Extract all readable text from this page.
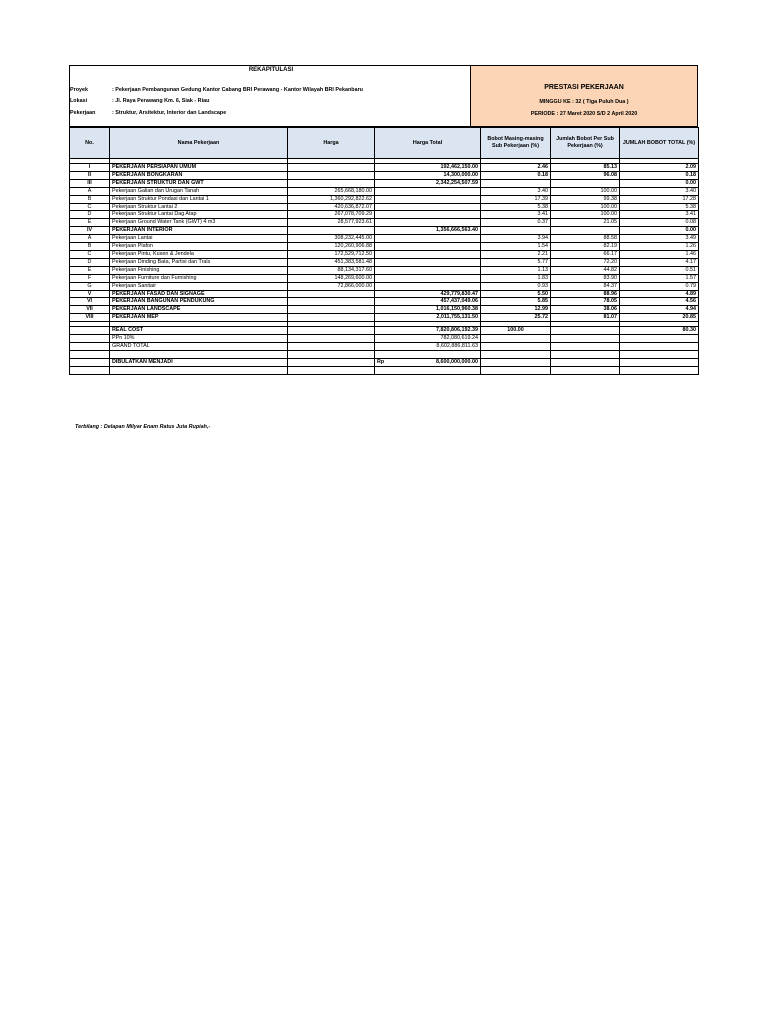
REKAPITULASI
Proyek	: Pekerjaan Pembangunan Gedung Kantor Cabang BRI Perawang - Kantor Wilayah BRI Pekanbaru
Lokasi	: Jl. Raya Perawang Km. 6, Siak - Riau
Pekerjaan	: Struktur, Arsitektur, Interior dan Landscape
PRESTASI PEKERJAAN
MINGGU KE : 32 ( Tiga Puluh Dua )
PERIODE : 27 Maret 2020 S/D 2 April 2020
No.	Nama Pekerjaan	Harga	Harga Total	Bobot Masing-masing Sub Pekerjaan (%)	Jumlah Bobot Per Sub Pekerjaan (%)	JUMLAH BOBOT TOTAL (%)

I	PEKERJAAN PERSIAPAN UMUM		192,462,150.00	2.46	85.13	2.09
II	PEKERJAAN BONGKARAN		14,300,000.00	0.18	96.08	0.18
III	PEKERJAAN STRUKTUR DAN GWT		2,342,254,507.59			0.00
A	Pekerjaan Galian dan Urugan Tanah	265,668,180.00		3.40	100.00	3.40
B	Pekerjaan Struktur Pondasi dan Lantai 1	1,360,292,822.62		17.39	99.38	17.28
C	Pekerjaan Struktur Lantai 2	420,636,872.07		5.38	100.00	5.38
D	Pekerjaan Struktur Lantai Dag Atap	267,078,709.29		3.41	100.00	3.41
E	Pekerjaan Ground Water Tank (GWT) 4 m3	28,577,923.61		0.37	21.05	0.08
IV	PEKERJAAN INTERIOR		1,356,666,563.40			0.00
A	Pekerjaan Lantai	308,232,445.00		3.94	88.58	3.49
B	Pekerjaan Plafon	120,260,906.88		1.54	82.19	1.26
C	Pekerjaan Pintu, Kusen & Jendela	172,529,712.50		2.21	66.17	1.46
D	Pekerjaan Dinding Bata, Partisi dan Trals	451,383,581.48		5.77	72.20	4.17
E	Pekerjaan Finishing	88,134,317.60		1.13	44.82	0.51
F	Pekerjaan Furniture dan Furnishing	148,269,600.00		1.83	83.90	1.57
G	Pekerjaan Sanitair	72,866,000.00		0.93	84.37	0.79
V	PEKERJAAN FASAD DAN SIGNAGE		429,779,830.47	5.50	88.96	4.89
VI	PEKERJAAN BANGUNAN PENDUKUNG		457,437,049.06	5.85	78.05	4.56
VII	PEKERJAAN LANDSCAPE		1,016,150,960.38	12.99	38.06	4.94
VIII	PEKERJAAN MEP		2,011,755,131.50	25.72	81.07	20.85

	REAL COST		7,820,806,192.39	100.00		80.30
	PPn 10%		782,080,619.24			
	GRAND TOTAL		8,602,886,811.63			

	DIBULATKAN MENJADI		Rp 8,600,000,000.00			

Terbilang : Delapan Milyar Enam Ratus Juta Rupiah,-
